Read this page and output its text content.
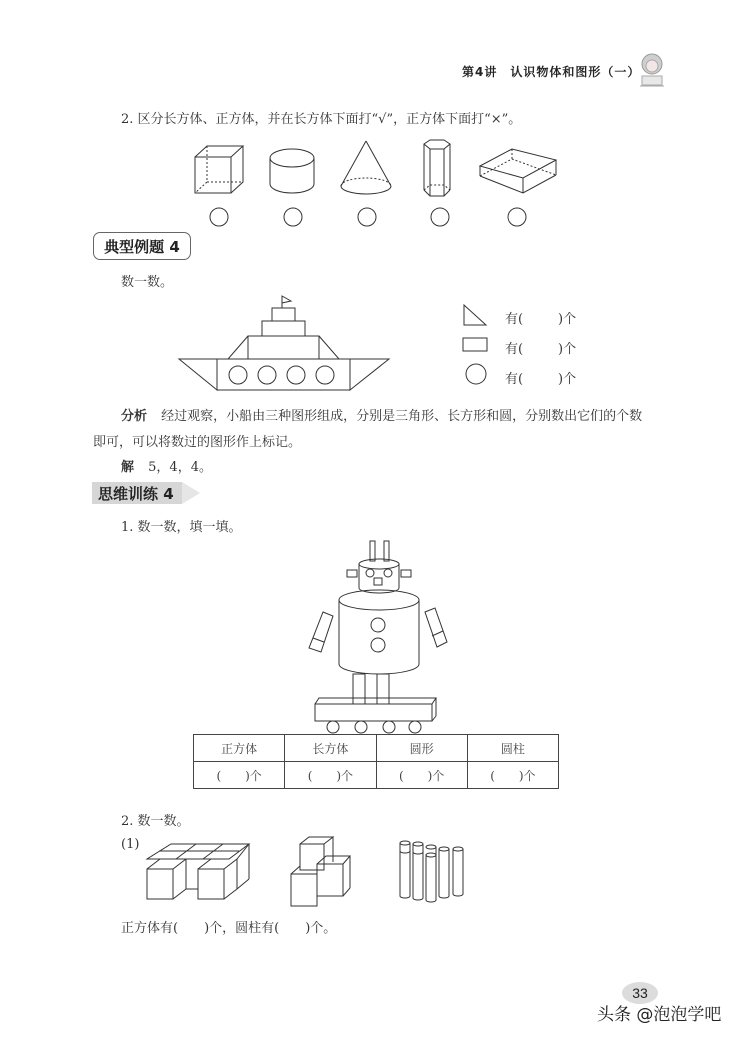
第4讲　认识物体和图形（一）
2. 区分长方体、正方体，并在长方体下面打“√”，正方体下面打“×”。
典型例题 4
数一数。
有(	)个
有(	)个
有(	)个
分析 经过观察，小船由三种图形组成，分别是三角形、长方形和圆，分别数出它们的个数
即可，可以将数过的图形作上标记。
解 5，4，4。
思维训练 4
1. 数一数，填一填。
正方体	长方体	圆形	圆柱
(　　)个	(　　)个	(　　)个	(　　)个
2. 数一数。
(1)
正方体有(　　)个，圆柱有(　　)个。
33
头条 @泡泡学吧
